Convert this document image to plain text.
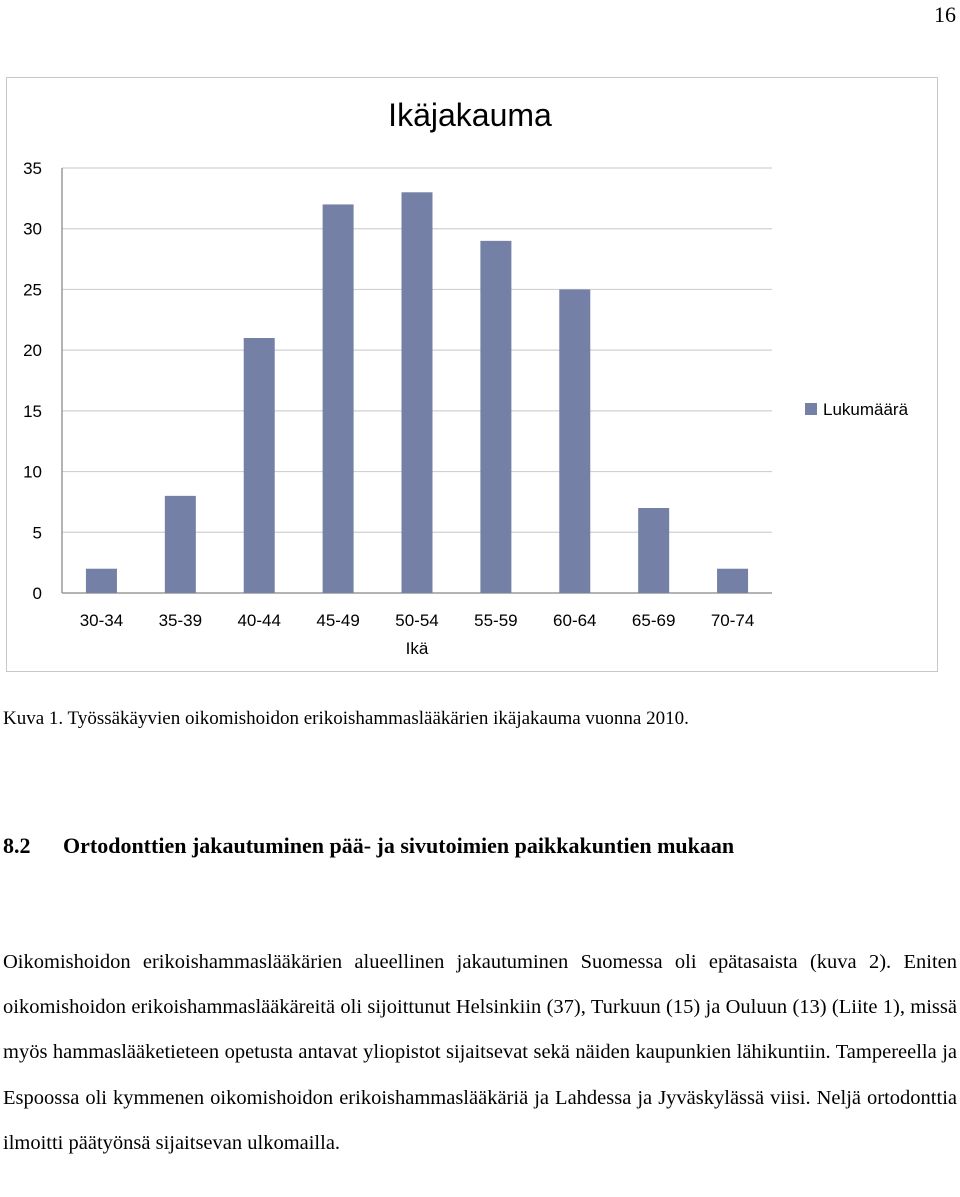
16
0
5
10
15
20
25
30
35
30-34 35-39 40-44 45-49 50-54 55-59 60-64 65-69 70-74
Ikä
Lukumäärä
Ikäjakauma
Kuva 1. Työssäkäyvien oikomishoidon erikoishammaslääkärien ikäjakauma vuonna 2010.
8.2 Ortodonttien jakautuminen pää- ja sivutoimien paikkakuntien mukaan
Oikomishoidon erikoishammaslääkärien alueellinen jakautuminen Suomessa oli epätasaista (kuva 2). Eniten oikomishoidon erikoishammaslääkäreitä oli sijoittunut Helsinkiin (37), Turkuun (15) ja Ouluun (13) (Liite 1), missä myös hammaslääketieteen opetusta antavat yliopistot sijaitsevat sekä näiden kaupunkien lähikuntiin. Tampereella ja Espoossa oli kymmenen oikomishoidon erikoishammaslääkäriä ja Lahdessa ja Jyväskylässä viisi. Neljä ortodonttia ilmoitti päätyönsä sijaitsevan ulkomailla.
